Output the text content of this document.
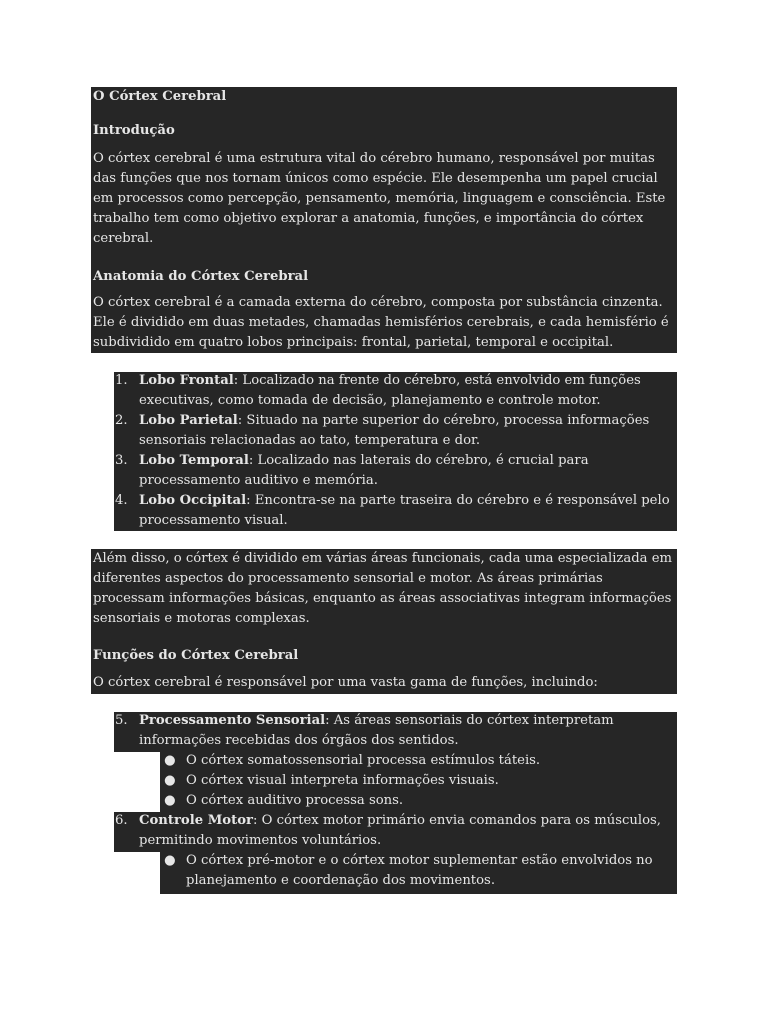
O Córtex Cerebral
Introdução

O córtex cerebral é uma estrutura vital do cérebro humano, responsável por muitas das funções que nos tornam únicos como espécie. Ele desempenha um papel crucial em processos como percepção, pensamento, memória, linguagem e consciência. Este trabalho tem como objetivo explorar a anatomia, funções, e importância do córtex cerebral.

Anatomia do Córtex Cerebral

O córtex cerebral é a camada externa do cérebro, composta por substância cinzenta. Ele é dividido em duas metades, chamadas hemisférios cerebrais, e cada hemisfério é subdividido em quatro lobos principais: frontal, parietal, temporal e occipital.

1. Lobo Frontal: Localizado na frente do cérebro, está envolvido em funções executivas, como tomada de decisão, planejamento e controle motor.
2. Lobo Parietal: Situado na parte superior do cérebro, processa informações sensoriais relacionadas ao tato, temperatura e dor.
3. Lobo Temporal: Localizado nas laterais do cérebro, é crucial para processamento auditivo e memória.
4. Lobo Occipital: Encontra-se na parte traseira do cérebro e é responsável pelo processamento visual.

Além disso, o córtex é dividido em várias áreas funcionais, cada uma especializada em diferentes aspectos do processamento sensorial e motor. As áreas primárias processam informações básicas, enquanto as áreas associativas integram informações sensoriais e motoras complexas.

Funções do Córtex Cerebral

O córtex cerebral é responsável por uma vasta gama de funções, incluindo:

5. Processamento Sensorial: As áreas sensoriais do córtex interpretam informações recebidas dos órgãos dos sentidos.
● O córtex somatossensorial processa estímulos táteis.
● O córtex visual interpreta informações visuais.
● O córtex auditivo processa sons.
6. Controle Motor: O córtex motor primário envia comandos para os músculos, permitindo movimentos voluntários.
● O córtex pré-motor e o córtex motor suplementar estão envolvidos no planejamento e coordenação dos movimentos.
